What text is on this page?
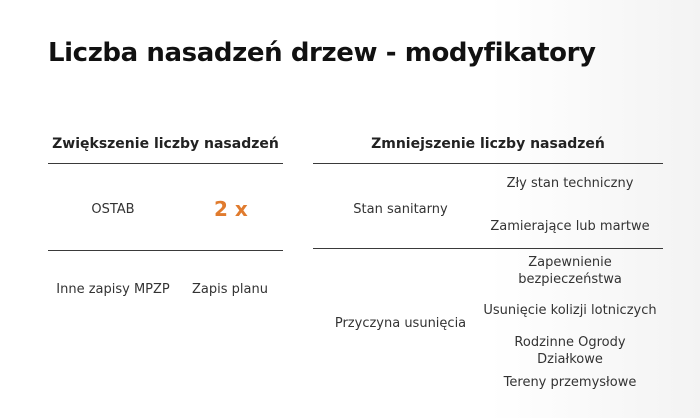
Liczba nasadzeń drzew - modyfikatory
Zwiększenie liczby nasadzeń
OSTAB	2 x
Inne zapisy MPZP	Zapis planu
Zmniejszenie liczby nasadzeń
Stan sanitarny
Zły stan techniczny
Zamierające lub martwe
Przyczyna usunięcia
Zapewnienie bezpieczeństwa
Usunięcie kolizji lotniczych
Rodzinne Ogrody Działkowe
Tereny przemysłowe
